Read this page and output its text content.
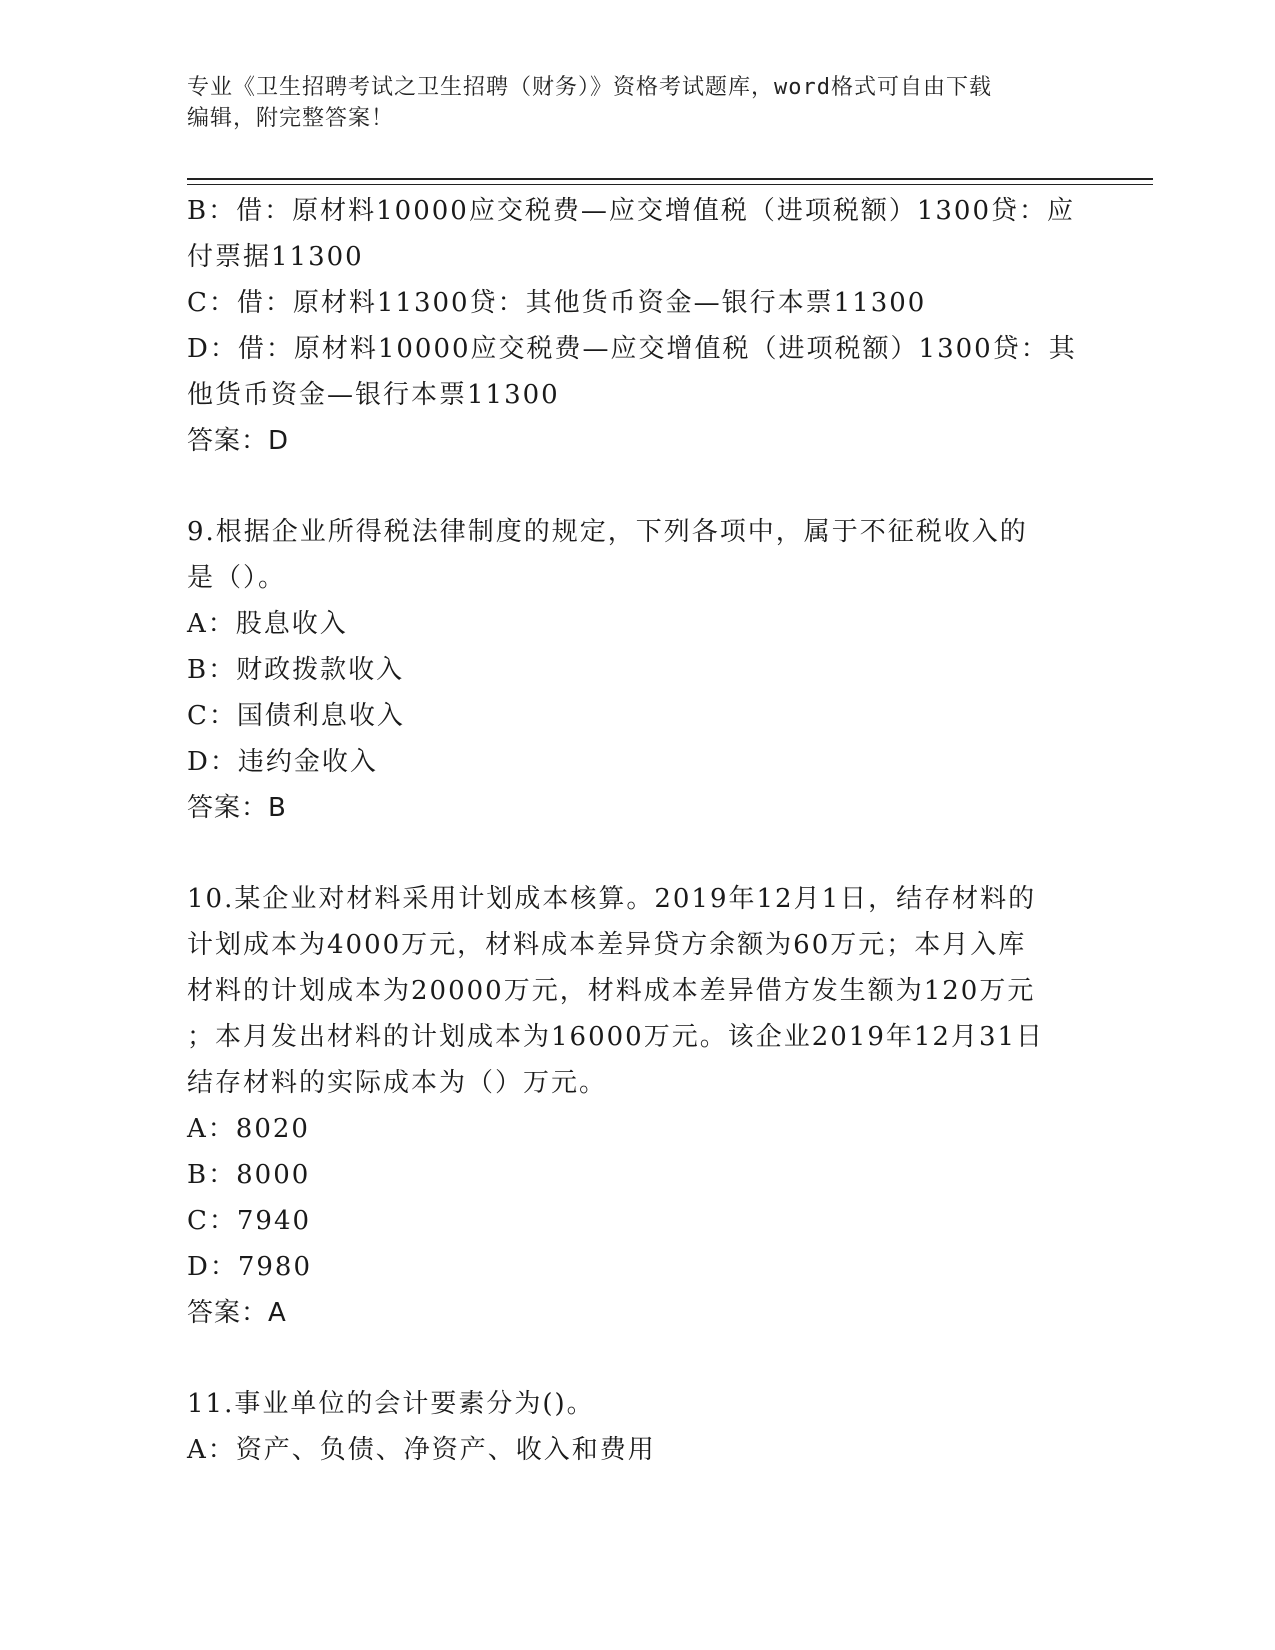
专业《卫生招聘考试之卫生招聘（财务）》资格考试题库，word格式可自由下载
编辑，附完整答案！

B：借：原材料10000应交税费—应交增值税（进项税额）1300贷：应

付票据11300

C：借：原材料11300贷：其他货币资金—银行本票11300

D：借：原材料10000应交税费—应交增值税（进项税额）1300贷：其

他货币资金—银行本票11300

答案：D

9.根据企业所得税法律制度的规定，下列各项中，属于不征税收入的

是（）。

A：股息收入

B：财政拨款收入

C：国债利息收入

D：违约金收入

答案：B

10.某企业对材料采用计划成本核算。2019年12月1日，结存材料的

计划成本为4000万元，材料成本差异贷方余额为60万元；本月入库

材料的计划成本为20000万元，材料成本差异借方发生额为120万元

；本月发出材料的计划成本为16000万元。该企业2019年12月31日

结存材料的实际成本为（）万元。

A：8020

B：8000

C：7940

D：7980

答案：A

11.事业单位的会计要素分为()。

A：资产、负债、净资产、收入和费用
